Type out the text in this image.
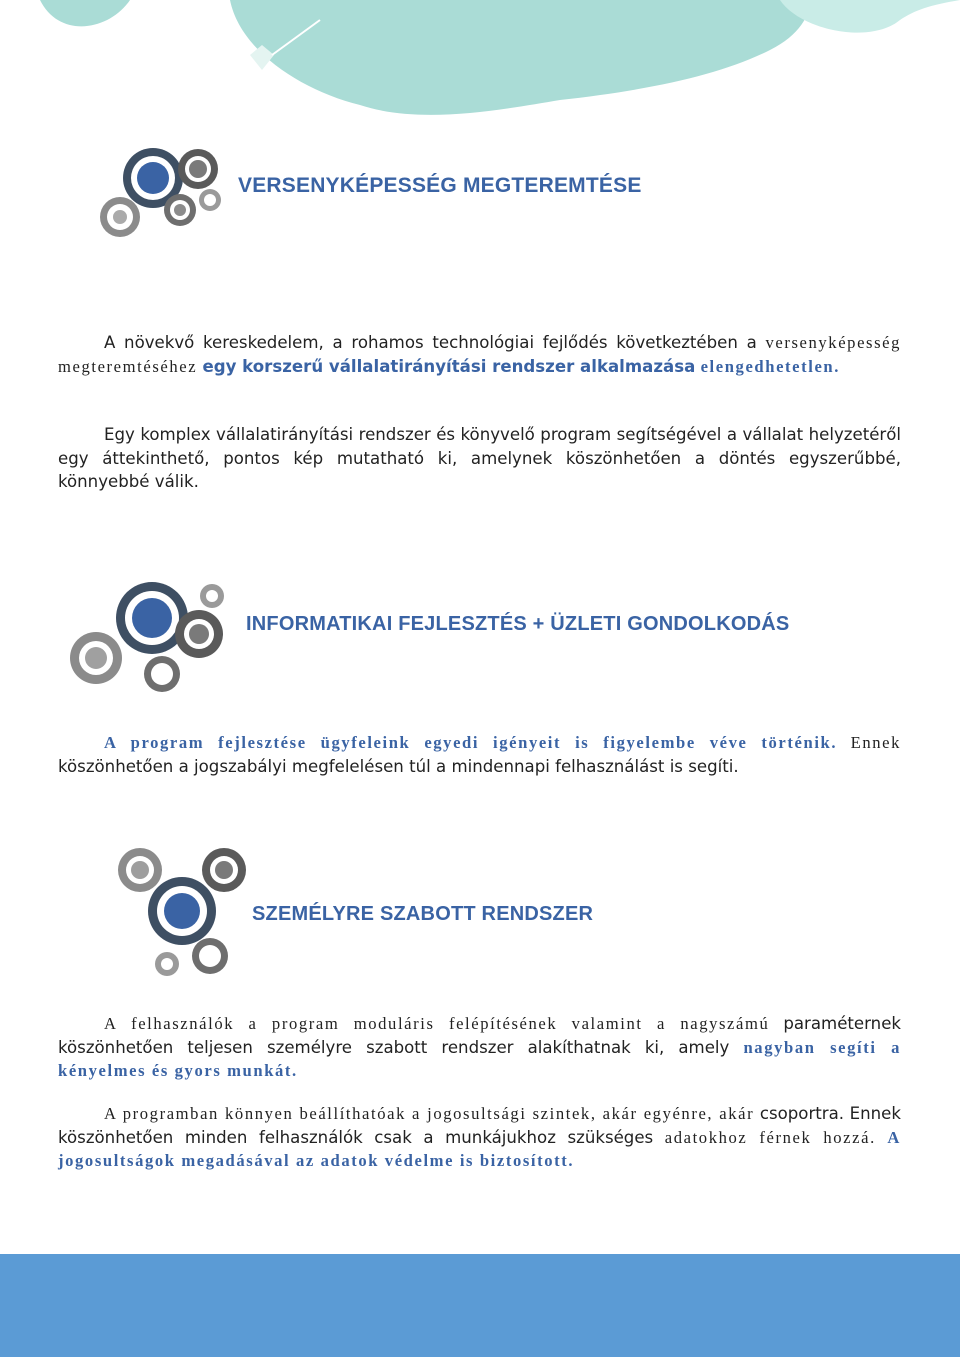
VERSENYKÉPESSÉG MEGTEREMTÉSE
A növekvő kereskedelem, a rohamos technológiai fejlődés következtében a versenyképesség megteremtéséhez egy korszerű vállalatirányítási rendszer alkalmazása elengedhetetlen.
Egy komplex vállalatirányítási rendszer és könyvelő program segítségével a vállalat helyzetéről egy áttekinthető, pontos kép mutatható ki, amelynek köszönhetően a döntés egyszerűbbé, könnyebbé válik.
INFORMATIKAI FEJLESZTÉS + ÜZLETI GONDOLKODÁS
A program fejlesztése ügyfeleink egyedi igényeit is figyelembe véve történik. Ennek köszönhetően a jogszabályi megfelelésen túl a mindennapi felhasználást is segíti.
SZEMÉLYRE SZABOTT RENDSZER
A felhasználók a program moduláris felépítésének valamint a nagyszámú paraméternek köszönhetően teljesen személyre szabott rendszer alakíthatnak ki, amely nagyban segíti a kényelmes és gyors munkát.
A programban könnyen beállíthatóak a jogosultsági szintek, akár egyénre, akár csoportra. Ennek köszönhetően minden felhasználók csak a munkájukhoz szükséges adatokhoz férnek hozzá. A jogosultságok megadásával az adatok védelme is biztosított.
